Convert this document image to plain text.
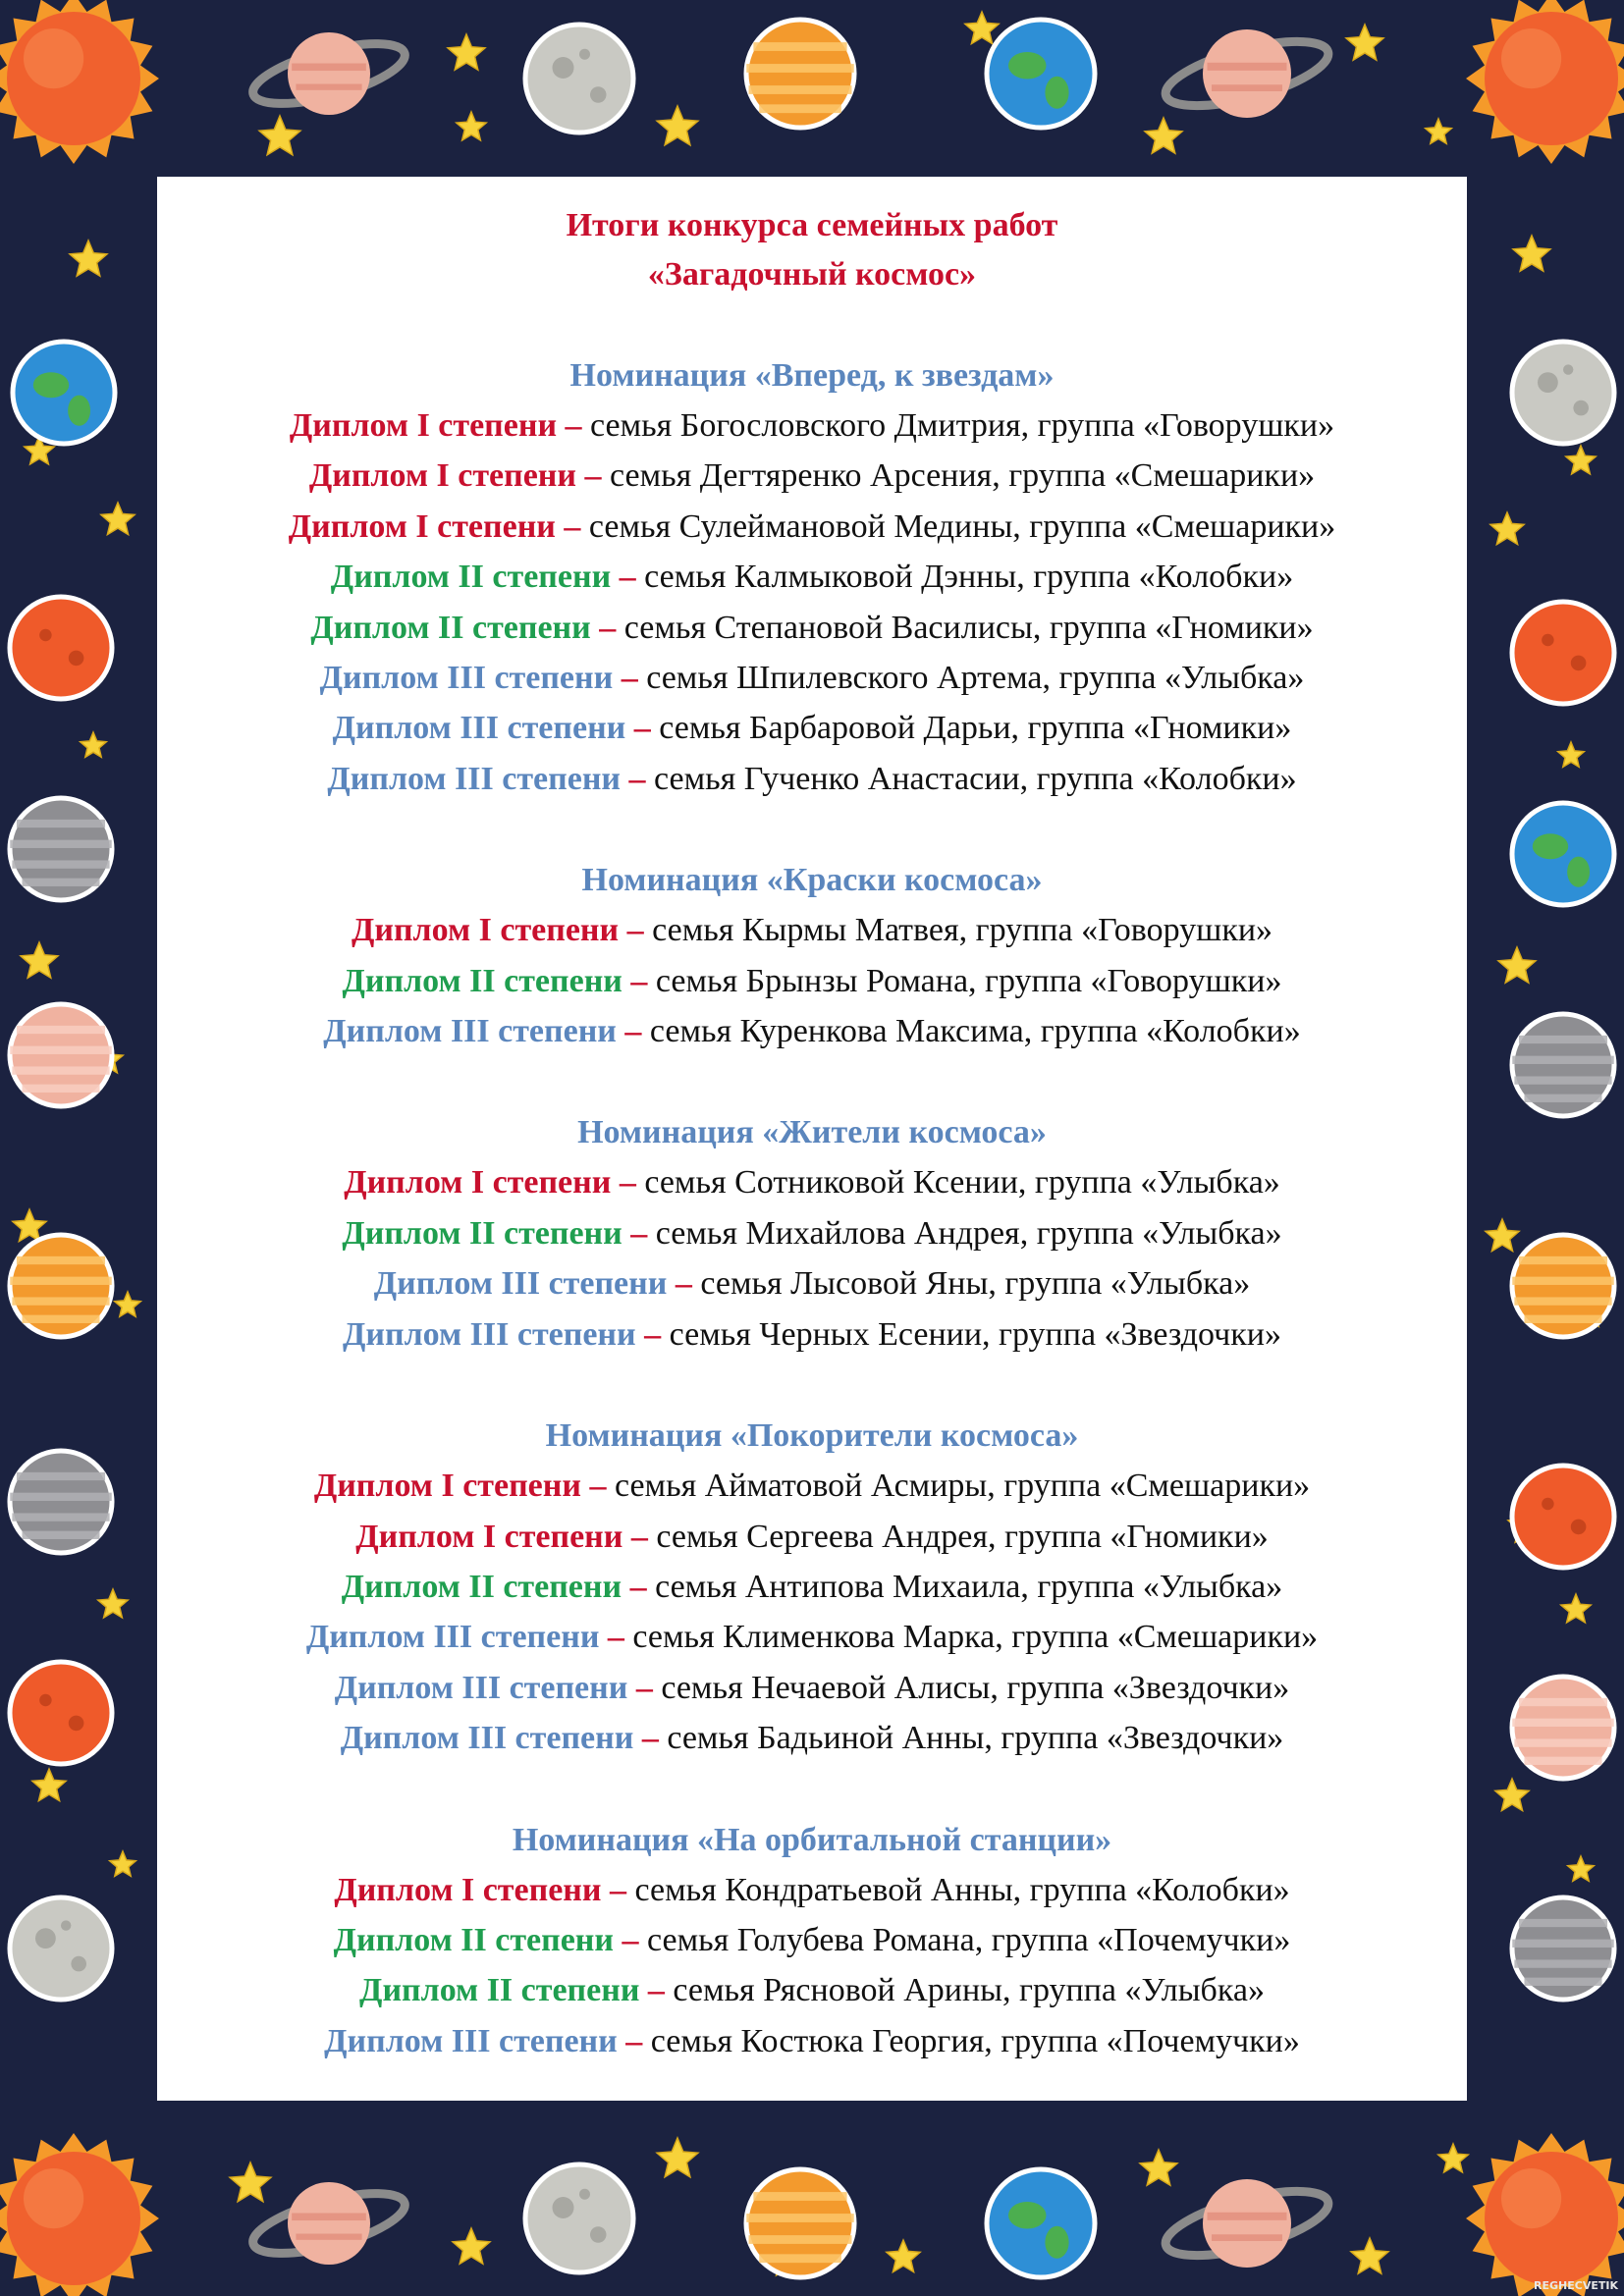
Итоги конкурса семейных работ
«Загадочный космос»
Номинация «Вперед, к звездам»
Диплом I степени – семья Богословского Дмитрия, группа «Говорушки»
Диплом I степени – семья Дегтяренко Арсения, группа «Смешарики»
Диплом I степени – семья Сулеймановой Медины, группа «Смешарики»
Диплом II степени – семья Калмыковой Дэнны, группа «Колобки»
Диплом II степени – семья Степановой Василисы, группа «Гномики»
Диплом III степени – семья Шпилевского Артема, группа «Улыбка»
Диплом III степени – семья Барбаровой Дарьи, группа «Гномики»
Диплом III степени – семья Гученко Анастасии, группа «Колобки»
Номинация «Краски космоса»
Диплом I степени – семья Кырмы Матвея, группа «Говорушки»
Диплом II степени – семья Брынзы Романа, группа «Говорушки»
Диплом III степени – семья Куренкова Максима, группа «Колобки»
Номинация «Жители космоса»
Диплом I степени – семья Сотниковой Ксении, группа «Улыбка»
Диплом II степени – семья Михайлова Андрея, группа «Улыбка»
Диплом III степени – семья Лысовой Яны, группа «Улыбка»
Диплом III степени – семья Черных Есении, группа «Звездочки»
Номинация «Покорители космоса»
Диплом I степени – семья Айматовой Асмиры, группа «Смешарики»
Диплом I степени – семья Сергеева Андрея, группа «Гномики»
Диплом II степени – семья Антипова Михаила, группа «Улыбка»
Диплом III степени – семья Клименкова Марка, группа «Смешарики»
Диплом III степени – семья Нечаевой Алисы, группа «Звездочки»
Диплом III степени – семья Бадьиной Анны, группа «Звездочки»
Номинация «На орбитальной станции»
Диплом I степени – семья Кондратьевой Анны, группа «Колобки»
Диплом II степени – семья Голубева Романа, группа «Почемучки»
Диплом II степени – семья Рясновой Арины, группа «Улыбка»
Диплом III степени – семья Костюка Георгия, группа «Почемучки»
REGHECVETIK
